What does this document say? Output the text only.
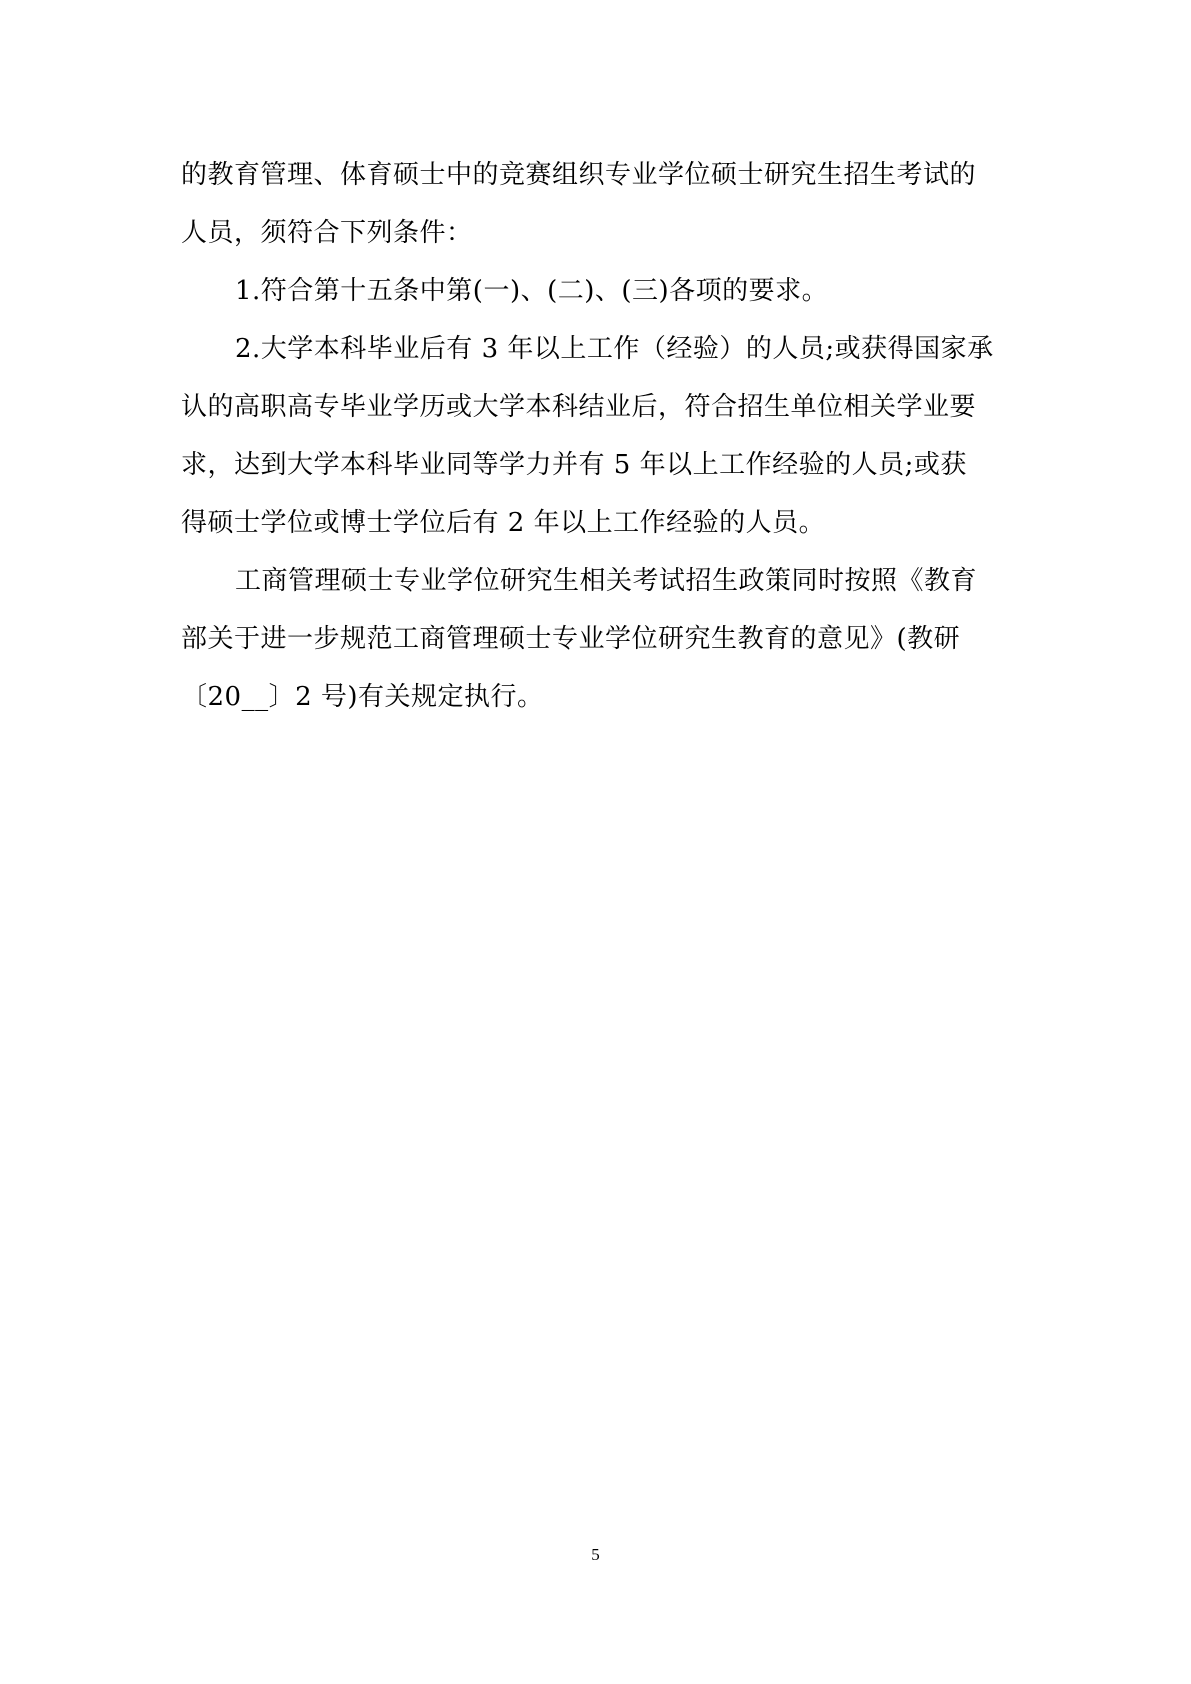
的教育管理、体育硕士中的竞赛组织专业学位硕士研究生招生考试的
人员，须符合下列条件：
1.符合第十五条中第(一)、(二)、(三)各项的要求。
2.大学本科毕业后有 3 年以上工作（经验）的人员;或获得国家承
认的高职高专毕业学历或大学本科结业后，符合招生单位相关学业要
求，达到大学本科毕业同等学力并有 5 年以上工作经验的人员;或获
得硕士学位或博士学位后有 2 年以上工作经验的人员。
工商管理硕士专业学位研究生相关考试招生政策同时按照《教育
部关于进一步规范工商管理硕士专业学位研究生教育的意见》(教研
〔20__〕2 号)有关规定执行。
5
